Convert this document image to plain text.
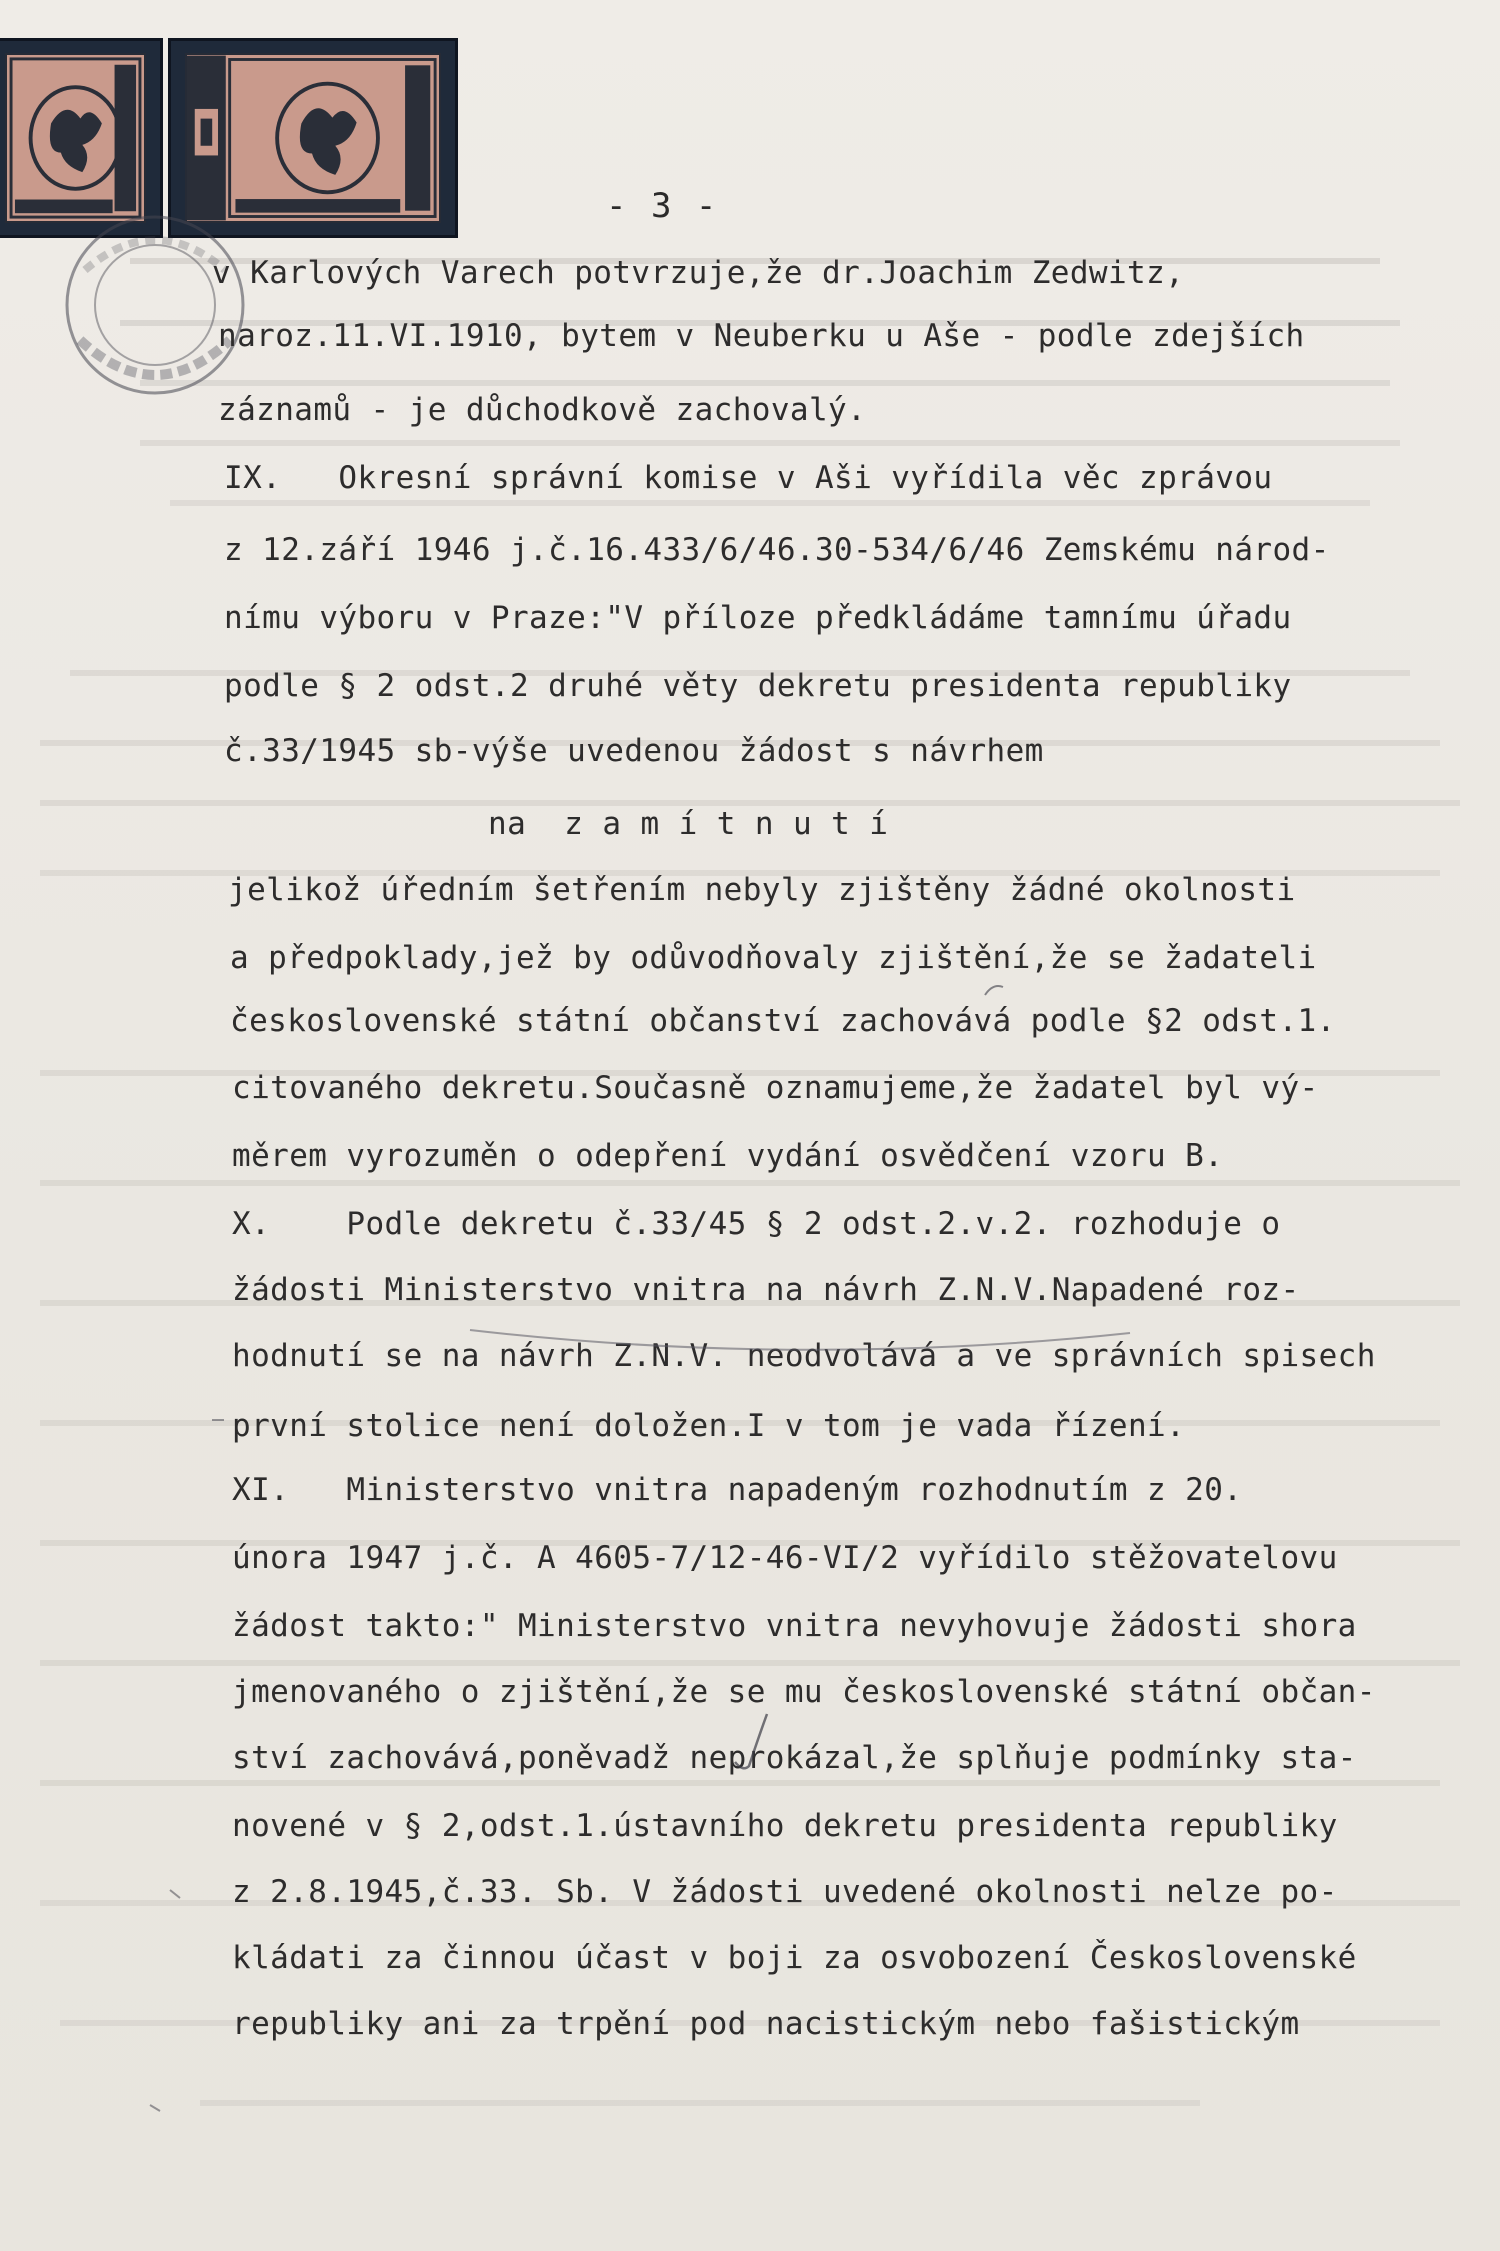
- 3 -
v Karlových Varech potvrzuje,že dr.Joachim Zedwitz,
naroz.11.VI.1910, bytem v Neuberku u Aše - podle zdejších
záznamů - je důchodkově zachovalý.
IX.   Okresní správní komise v Aši vyřídila věc zprávou
z 12.září 1946 j.č.16.433/6/46.30-534/6/46 Zemskému národ-
nímu výboru v Praze:"V příloze předkládáme tamnímu úřadu
podle § 2 odst.2 druhé věty dekretu presidenta republiky
č.33/1945 sb-výše uvedenou žádost s návrhem
na  z a m í t n u t í
jelikož úředním šetřením nebyly zjištěny žádné okolnosti
a předpoklady,jež by odůvodňovaly zjištění,že se žadateli
československé státní občanství zachovává podle §2 odst.1.
citovaného dekretu.Současně oznamujeme,že žadatel byl vý-
měrem vyrozuměn o odepření vydání osvědčení vzoru B.
X.    Podle dekretu č.33/45 § 2 odst.2.v.2. rozhoduje o
žádosti Ministerstvo vnitra na návrh Z.N.V.Napadené roz-
hodnutí se na návrh Z.N.V. neodvolává a ve správních spisech
první stolice není doložen.I v tom je vada řízení.
XI.   Ministerstvo vnitra napadeným rozhodnutím z 20.
února 1947 j.č. A 4605-7/12-46-VI/2 vyřídilo stěžovatelovu
žádost takto:" Ministerstvo vnitra nevyhovuje žádosti shora
jmenovaného o zjištění,že se mu československé státní občan-
ství zachovává,poněvadž neprokázal,že splňuje podmínky sta-
novené v § 2,odst.1.ústavního dekretu presidenta republiky
z 2.8.1945,č.33. Sb. V žádosti uvedené okolnosti nelze po-
kládati za činnou účast v boji za osvobození Československé
republiky ani za trpění pod nacistickým nebo fašistickým
